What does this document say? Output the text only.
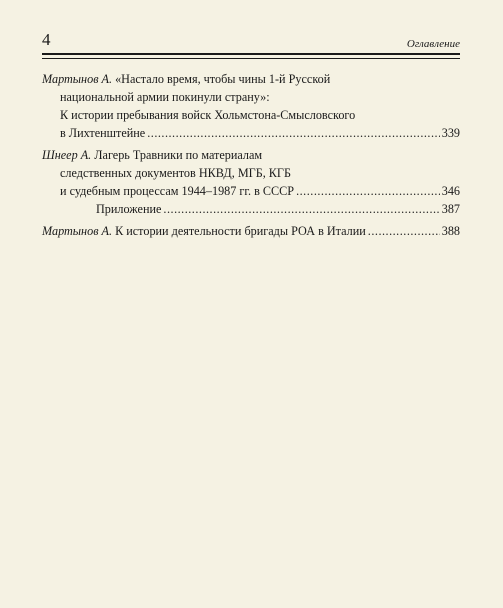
4	Оглавление
Мартынов А. «Настало время, чтобы чины 1-й Русской
национальной армии покинули страну»:
К истории пребывания войск Хольмстона-Смысловского
в Лихтенштейне .....	339
Шнеер А. Лагерь Травники по материалам
следственных документов НКВД, МГБ, КГБ
и судебным процессам 1944–1987 гг. в СССР .....	346
Приложение .....	387
Мартынов А. К истории деятельности бригады РОА в Италии .....	388
